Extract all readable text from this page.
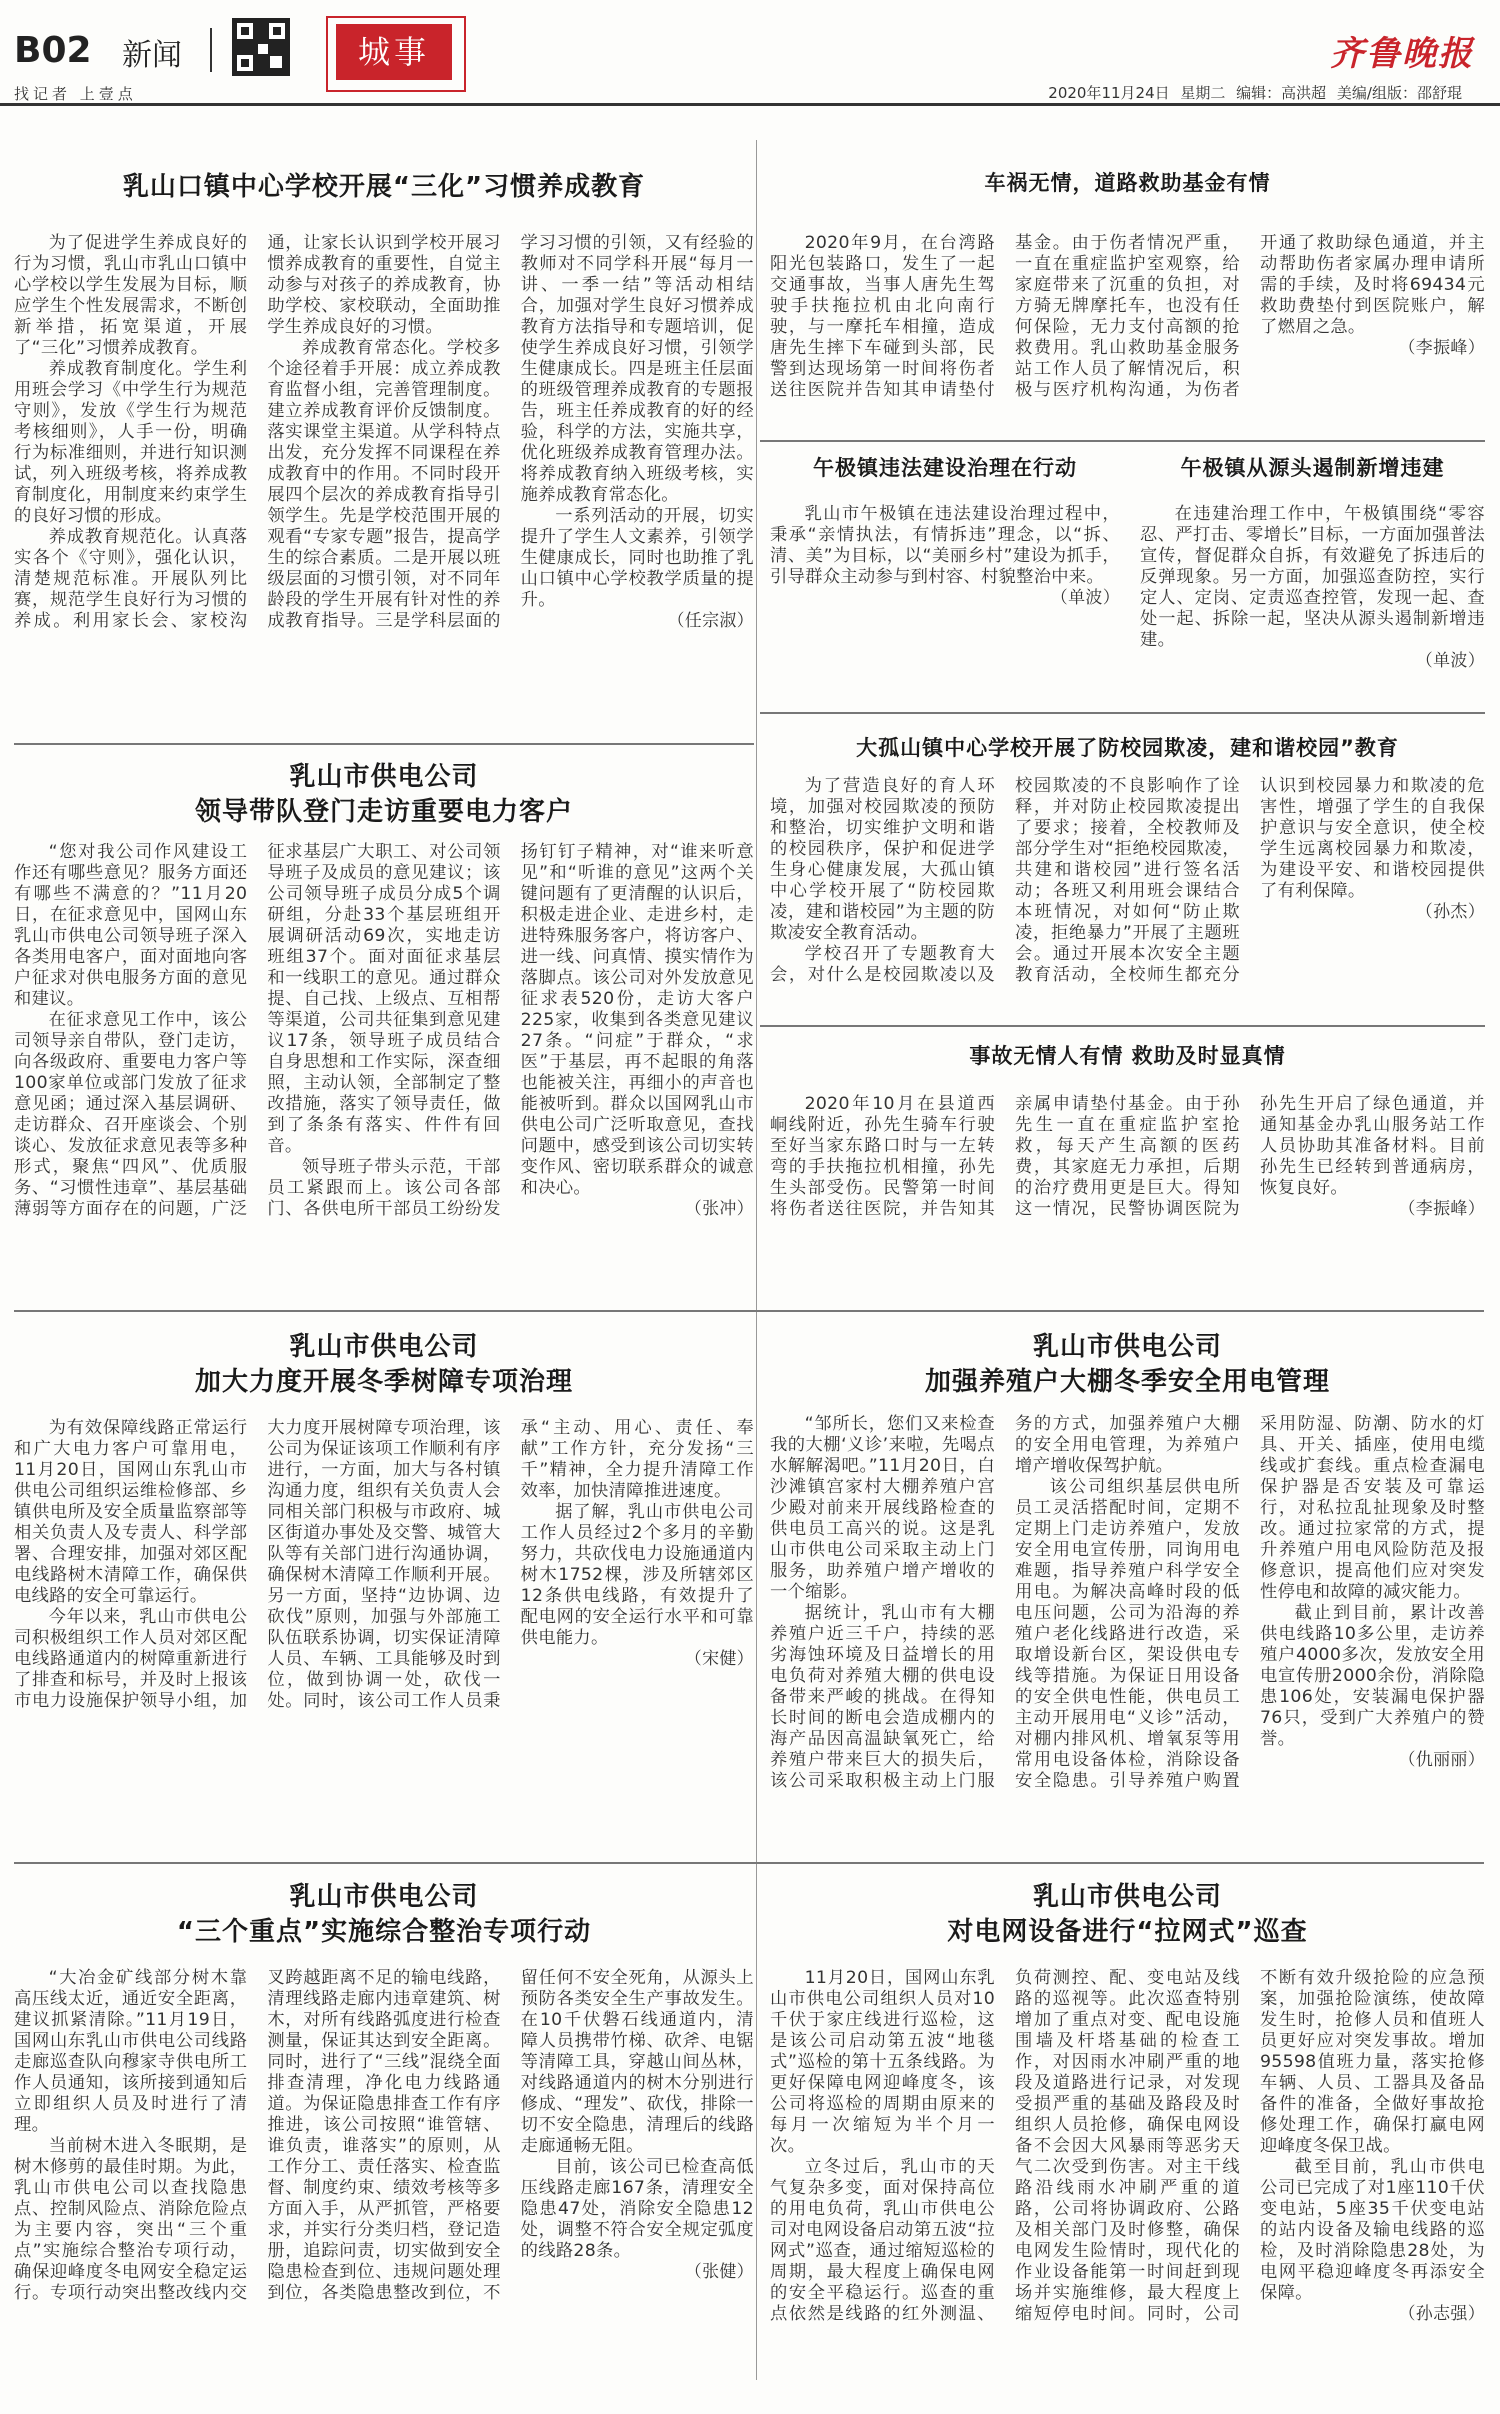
B02 新闻	城事
找记者 上壹点
齐鲁晚报
2020年11月24日 星期二 编辑：高洪超 美编/组版：邵舒琨
乳山口镇中心学校开展“三化”习惯养成教育

为了促进学生养成良好的行为习惯，乳山市乳山口镇中心学校以学生发展为目标，顺应学生个性发展需求，不断创新举措，拓宽渠道，开展了“三化”习惯养成教育。

养成教育制度化。学生利用班会学习《中学生行为规范守则》，发放《学生行为规范考核细则》，人手一份，明确行为标准细则，并进行知识测试，列入班级考核，将养成教育制度化，用制度来约束学生的良好习惯的形成。

养成教育规范化。认真落实各个《守则》，强化认识，清楚规范标准。开展队列比赛，规范学生良好行为习惯的养成。利用家长会、家校沟通，让家长认识到学校开展习惯养成教育的重要性，自觉主动参与对孩子的养成教育，协助学校、家校联动，全面助推学生养成良好的习惯。

养成教育常态化。学校多个途径着手开展：成立养成教育监督小组，完善管理制度。建立养成教育评价反馈制度。落实课堂主渠道。从学科特点出发，充分发挥不同课程在养成教育中的作用。不同时段开展四个层次的养成教育指导引领学生。先是学校范围开展的观看“专家专题”报告，提高学生的综合素质。二是开展以班级层面的习惯引领，对不同年龄段的学生开展有针对性的养成教育指导。三是学科层面的学习习惯的引领，又有经验的教师对不同学科开展“每月一讲、一季一结”等活动相结合，加强对学生良好习惯养成教育方法指导和专题培训，促使学生养成良好习惯，引领学生健康成长。四是班主任层面的班级管理养成教育的专题报告，班主任养成教育的好的经验，科学的方法，实施共享，优化班级养成教育管理办法。将养成教育纳入班级考核，实施养成教育常态化。

一系列活动的开展，切实提升了学生人文素养，引领学生健康成长，同时也助推了乳山口镇中心学校教学质量的提升。

（任宗淑）
车祸无情，道路救助基金有情

2020年9月，在台湾路阳光包装路口，发生了一起交通事故，当事人唐先生驾驶手扶拖拉机由北向南行驶，与一摩托车相撞，造成唐先生摔下车碰到头部，民警到达现场第一时间将伤者送往医院并告知其申请垫付基金。由于伤者情况严重，一直在重症监护室观察，给家庭带来了沉重的负担，对方骑无牌摩托车，也没有任何保险，无力支付高额的抢救费用。乳山救助基金服务站工作人员了解情况后，积极与医疗机构沟通，为伤者开通了救助绿色通道，并主动帮助伤者家属办理申请所需的手续，及时将69434元救助费垫付到医院账户，解了燃眉之急。

（李振峰）
午极镇违法建设治理在行动

乳山市午极镇在违法建设治理过程中，秉承“亲情执法，有情拆违”理念，以“拆、清、美”为目标，以“美丽乡村”建设为抓手，引导群众主动参与到村容、村貌整治中来。

（单波）
午极镇从源头遏制新增违建

在违建治理工作中，午极镇围绕“零容忍、严打击、零增长”目标，一方面加强普法宣传，督促群众自拆，有效避免了拆违后的反弹现象。另一方面，加强巡查防控，实行定人、定岗、定责巡查控管，发现一起、查处一起、拆除一起，坚决从源头遏制新增违建。

（单波）
大孤山镇中心学校开展了防校园欺凌，建和谐校园”教育

为了营造良好的育人环境，加强对校园欺凌的预防和整治，切实维护文明和谐的校园秩序，保护和促进学生身心健康发展，大孤山镇中心学校开展了“防校园欺凌，建和谐校园”为主题的防欺凌安全教育活动。

学校召开了专题教育大会，对什么是校园欺凌以及校园欺凌的不良影响作了诠释，并对防止校园欺凌提出了要求；接着，全校教师及部分学生对“拒绝校园欺凌，共建和谐校园”进行签名活动；各班又利用班会课结合本班情况，对如何“防止欺凌，拒绝暴力”开展了主题班会。通过开展本次安全主题教育活动，全校师生都充分认识到校园暴力和欺凌的危害性，增强了学生的自我保护意识与安全意识，使全校学生远离校园暴力和欺凌，为建设平安、和谐校园提供了有利保障。

（孙杰）
事故无情人有情 救助及时显真情

2020年10月在县道西峒线附近，孙先生骑车行驶至好当家东路口时与一左转弯的手扶拖拉机相撞，孙先生头部受伤。民警第一时间将伤者送往医院，并告知其亲属申请垫付基金。由于孙先生一直在重症监护室抢救，每天产生高额的医药费，其家庭无力承担，后期的治疗费用更是巨大。得知这一情况，民警协调医院为孙先生开启了绿色通道，并通知基金办乳山服务站工作人员协助其准备材料。目前孙先生已经转到普通病房，恢复良好。

（李振峰）
乳山市供电公司
领导带队登门走访重要电力客户

“您对我公司作风建设工作还有哪些意见？服务方面还有哪些不满意的？”11月20日，在征求意见中，国网山东乳山市供电公司领导班子深入各类用电客户，面对面地向客户征求对供电服务方面的意见和建议。

在征求意见工作中，该公司领导亲自带队，登门走访，向各级政府、重要电力客户等100家单位或部门发放了征求意见函；通过深入基层调研、走访群众、召开座谈会、个别谈心、发放征求意见表等多种形式，聚焦“四风”、优质服务、“习惯性违章”、基层基础薄弱等方面存在的问题，广泛征求基层广大职工、对公司领导班子及成员的意见建议；该公司领导班子成员分成5个调研组，分赴33个基层班组开展调研活动69次，实地走访班组37个。面对面征求基层和一线职工的意见。通过群众提、自己找、上级点、互相帮等渠道，公司共征集到意见建议17条，领导班子成员结合自身思想和工作实际，深查细照，主动认领，全部制定了整改措施，落实了领导责任，做到了条条有落实、件件有回音。

领导班子带头示范，干部员工紧跟而上。该公司各部门、各供电所干部员工纷纷发扬钉钉子精神，对“谁来听意见”和“听谁的意见”这两个关键问题有了更清醒的认识后，积极走进企业、走进乡村，走进特殊服务客户，将访客户、进一线、问真情、摸实情作为落脚点。该公司对外发放意见征求表520份，走访大客户225家，收集到各类意见建议27条。“问症”于群众，“求医”于基层，再不起眼的角落也能被关注，再细小的声音也能被听到。群众以国网乳山市供电公司广泛听取意见，查找问题中，感受到该公司切实转变作风、密切联系群众的诚意和决心。

（张冲）
乳山市供电公司
加大力度开展冬季树障专项治理

为有效保障线路正常运行和广大电力客户可靠用电，11月20日，国网山东乳山市供电公司组织运维检修部、乡镇供电所及安全质量监察部等相关负责人及专责人、科学部署、合理安排，加强对郊区配电线路树木清障工作，确保供电线路的安全可靠运行。

今年以来，乳山市供电公司积极组织工作人员对郊区配电线路通道内的树障重新进行了排查和标号，并及时上报该市电力设施保护领导小组，加大力度开展树障专项治理，该公司为保证该项工作顺利有序进行，一方面，加大与各村镇沟通力度，组织有关负责人会同相关部门积极与市政府、城区街道办事处及交警、城管大队等有关部门进行沟通协调，确保树木清障工作顺利开展。另一方面，坚持“边协调、边砍伐”原则，加强与外部施工队伍联系协调，切实保证清障人员、车辆、工具能够及时到位，做到协调一处，砍伐一处。同时，该公司工作人员秉承“主动、用心、责任、奉献”工作方针，充分发扬“三千”精神，全力提升清障工作效率，加快清障推进速度。

据了解，乳山市供电公司工作人员经过2个多月的辛勤努力，共砍伐电力设施通道内树木1752棵，涉及所辖郊区12条供电线路，有效提升了配电网的安全运行水平和可靠供电能力。

（宋健）
乳山市供电公司
加强养殖户大棚冬季安全用电管理

“邹所长，您们又来检查我的大棚‘义诊’来啦，先喝点水解解渴吧。”11月20日，白沙滩镇宫家村大棚养殖户宫少殿对前来开展线路检查的供电员工高兴的说。这是乳山市供电公司采取主动上门服务，助养殖户增产增收的一个缩影。

据统计，乳山市有大棚养殖户近三千户，持续的恶劣海蚀环境及日益增长的用电负荷对养殖大棚的供电设备带来严峻的挑战。在得知长时间的断电会造成棚内的海产品因高温缺氧死亡，给养殖户带来巨大的损失后，该公司采取积极主动上门服务的方式，加强养殖户大棚的安全用电管理，为养殖户增产增收保驾护航。

该公司组织基层供电所员工灵活搭配时间，定期不定期上门走访养殖户，发放安全用电宣传册，同询用电难题，指导养殖户科学安全用电。为解决高峰时段的低电压问题，公司为沿海的养殖户老化线路进行改造，采取增设新台区，架设供电专线等措施。为保证日用设备的安全供电性能，供电员工主动开展用电“义诊”活动，对棚内排风机、增氧泵等用常用电设备体检，消除设备安全隐患。引导养殖户购置采用防湿、防潮、防水的灯具、开关、插座，使用电缆线或扩套线。重点检查漏电保护器是否安装及可靠运行，对私拉乱扯现象及时整改。通过拉家常的方式，提升养殖户用电风险防范及报修意识，提高他们应对突发性停电和故障的减灾能力。

截止到目前，累计改善供电线路10多公里，走访养殖户4000多次，发放安全用电宣传册2000余份，消除隐患106处，安装漏电保护器76只，受到广大养殖户的赞誉。

（仇丽丽）
乳山市供电公司
“三个重点”实施综合整治专项行动

“大冶金矿线部分树木靠高压线太近，通近安全距离，建议抓紧清除。”11月19日，国网山东乳山市供电公司线路走廊巡查队向穆家寺供电所工作人员通知，该所接到通知后立即组织人员及时进行了清理。

当前树木进入冬眠期，是树木修剪的最佳时期。为此，乳山市供电公司以查找隐患点、控制风险点、消除危险点为主要内容，突出“三个重点”实施综合整治专项行动，确保迎峰度冬电网安全稳定运行。专项行动突出整改线内交叉跨越距离不足的输电线路，清理线路走廊内违章建筑、树木，对所有线路弧度进行检查测量，保证其达到安全距离。同时，进行了“三线”混绕全面排查清理，净化电力线路通道。为保证隐患排查工作有序推进，该公司按照“谁管辖、谁负责，谁落实”的原则，从工作分工、责任落实、检查监督、制度约束、绩效考核等多方面入手，从严抓管，严格要求，并实行分类归档，登记造册，追踪问责，切实做到安全隐患检查到位、违规问题处理到位，各类隐患整改到位，不留任何不安全死角，从源头上预防各类安全生产事故发生。在10千伏磐石线通道内，清障人员携带竹梯、砍斧、电锯等清障工具，穿越山间丛林，对线路通道内的树木分别进行修成、“理发”、砍伐，排除一切不安全隐患，清理后的线路走廊通畅无阻。

目前，该公司已检查高低压线路走廊167条，清理安全隐患47处，消除安全隐患12处，调整不符合安全规定弧度的线路28条。

（张健）
乳山市供电公司
对电网设备进行“拉网式”巡查

11月20日，国网山东乳山市供电公司组织人员对10千伏于家庄线进行巡检，这是该公司启动第五波“地毯式”巡检的第十五条线路。为更好保障电网迎峰度冬，该公司将巡检的周期由原来的每月一次缩短为半个月一次。

立冬过后，乳山市的天气复杂多变，面对保持高位的用电负荷，乳山市供电公司对电网设备启动第五波“拉网式”巡查，通过缩短巡检的周期，最大程度上确保电网的安全平稳运行。巡查的重点依然是线路的红外测温、负荷测控、配、变电站及线路的巡视等。此次巡查特别增加了重点对变、配电设施围墙及杆塔基础的检查工作，对因雨水冲刷严重的地段及道路进行记录，对发现受损严重的基础及路段及时组织人员抢修，确保电网设备不会因大风暴雨等恶劣天气二次受到伤害。对主干线路沿线雨水冲刷严重的道路，公司将协调政府、公路及相关部门及时修整，确保电网发生险情时，现代化的作业设备能第一时间赶到现场并实施维修，最大程度上缩短停电时间。同时，公司不断有效升级抢险的应急预案，加强抢险演练，使故障发生时，抢修人员和值班人员更好应对突发事故。增加95598值班力量，落实抢修车辆、人员、工器具及备品备件的准备，全做好事故抢修处理工作，确保打赢电网迎峰度冬保卫战。

截至目前，乳山市供电公司已完成了对1座110千伏变电站，5座35千伏变电站的站内设备及输电线路的巡检，及时消除隐患28处，为电网平稳迎峰度冬再添安全保障。

（孙志强）
